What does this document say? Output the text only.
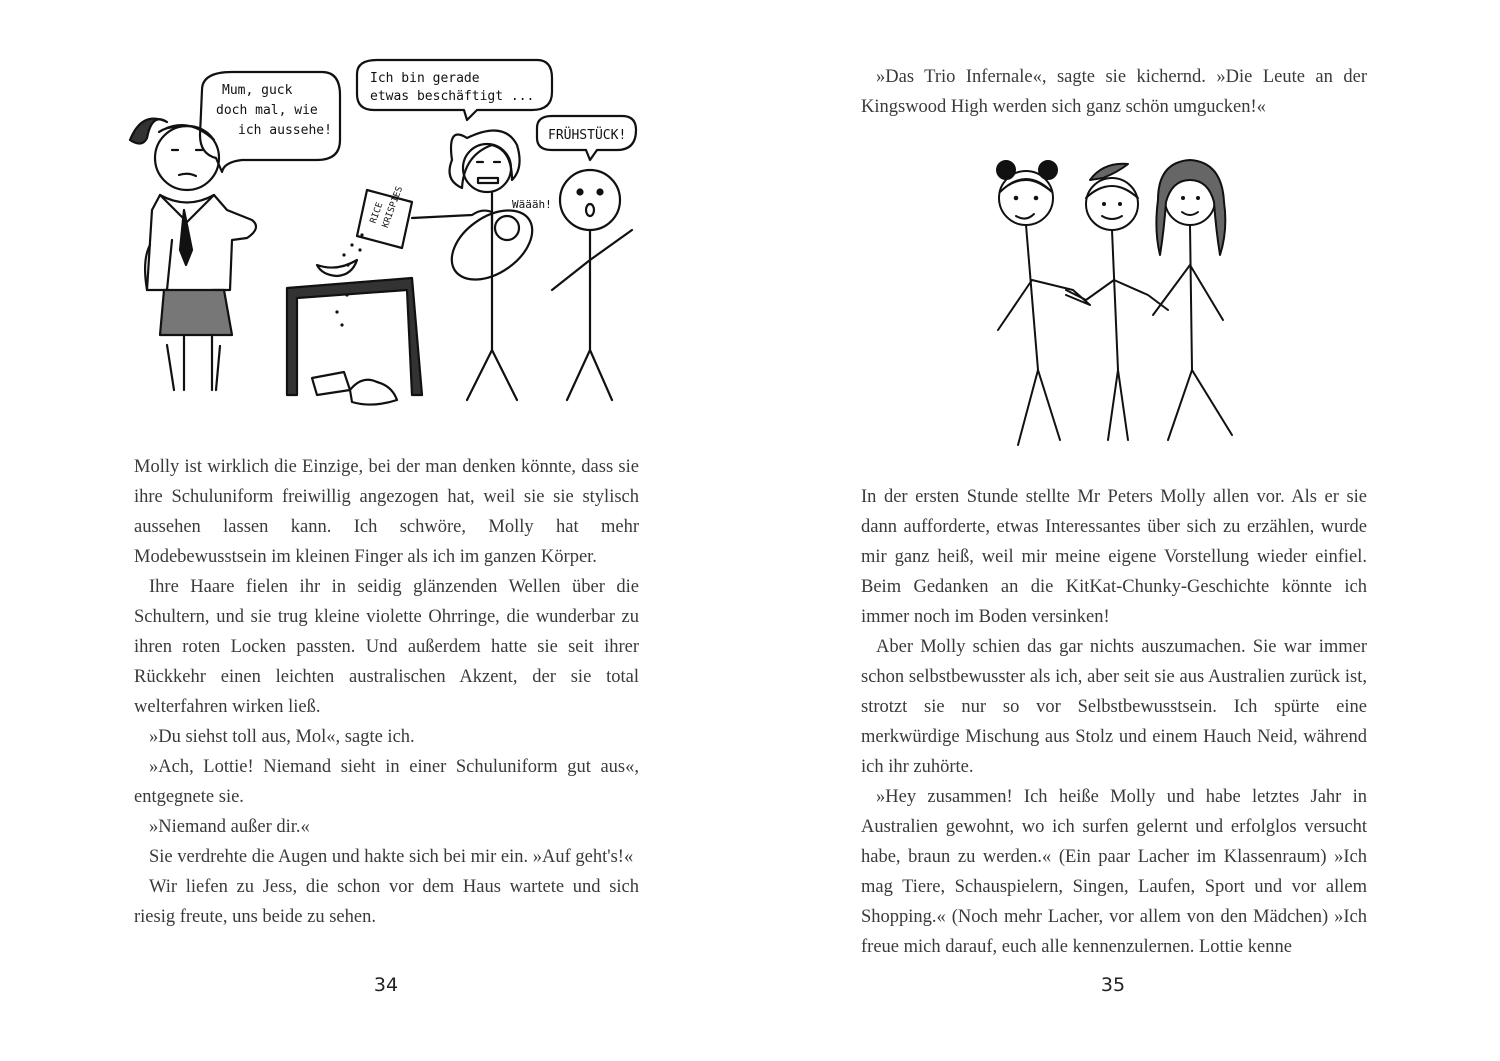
Mum, guck
doch mal, wie
ich aussehe!
Ich bin gerade
etwas beschäftigt ...
FRÜHSTÜCK!
Wäääh!
RICE
KRISPIES

Molly ist wirklich die Einzige, bei der man denken könnte, dass sie ihre Schuluniform freiwillig angezogen hat, weil sie sie stylisch aussehen lassen kann. Ich schwöre, Molly hat mehr Modebewusstsein im kleinen Finger als ich im ganzen Körper.

Ihre Haare fielen ihr in seidig glänzenden Wellen über die Schultern, und sie trug kleine violette Ohrringe, die wunderbar zu ihren roten Locken passten. Und außerdem hatte sie seit ihrer Rückkehr einen leichten australischen Akzent, der sie total welterfahren wirken ließ.

»Du siehst toll aus, Mol«, sagte ich.

»Ach, Lottie! Niemand sieht in einer Schuluniform gut aus«, entgegnete sie.

»Niemand außer dir.«

Sie verdrehte die Augen und hakte sich bei mir ein. »Auf geht's!«

Wir liefen zu Jess, die schon vor dem Haus wartete und sich riesig freute, uns beide zu sehen.

34

»Das Trio Infernale«, sagte sie kichernd. »Die Leute an der Kingswood High werden sich ganz schön umgucken!«

In der ersten Stunde stellte Mr Peters Molly allen vor. Als er sie dann aufforderte, etwas Interessantes über sich zu erzählen, wurde mir ganz heiß, weil mir meine eigene Vorstellung wieder einfiel. Beim Gedanken an die KitKat-Chunky-Geschichte könnte ich immer noch im Boden versinken!

Aber Molly schien das gar nichts auszumachen. Sie war immer schon selbstbewusster als ich, aber seit sie aus Australien zurück ist, strotzt sie nur so vor Selbstbewusstsein. Ich spürte eine merkwürdige Mischung aus Stolz und einem Hauch Neid, während ich ihr zuhörte.

»Hey zusammen! Ich heiße Molly und habe letztes Jahr in Australien gewohnt, wo ich surfen gelernt und erfolglos versucht habe, braun zu werden.« (Ein paar Lacher im Klassenraum) »Ich mag Tiere, Schauspielern, Singen, Laufen, Sport und vor allem Shopping.« (Noch mehr Lacher, vor allem von den Mädchen) »Ich freue mich darauf, euch alle kennenzulernen. Lottie kenne

35
